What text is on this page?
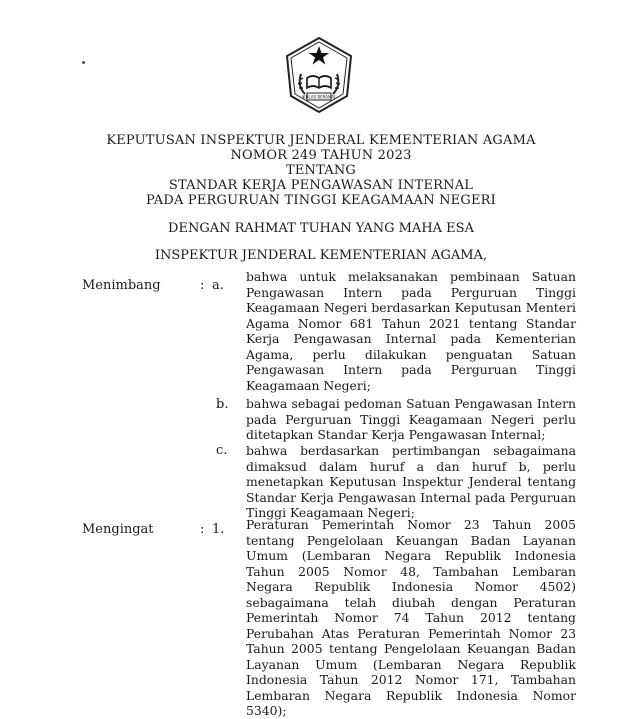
IKHLAS BERAMAL
KEPUTUSAN INSPEKTUR JENDERAL KEMENTERIAN AGAMA
NOMOR 249 TAHUN 2023
TENTANG
STANDAR KERJA PENGAWASAN INTERNAL
PADA PERGURUAN TINGGI KEAGAMAAN NEGERI
DENGAN RAHMAT TUHAN YANG MAHA ESA
INSPEKTUR JENDERAL KEMENTERIAN AGAMA,
Menimbang	: a.
bahwa untuk melaksanakan pembinaan Satuan Pengawasan Intern pada Perguruan Tinggi Keagamaan Negeri berdasarkan Keputusan Menteri Agama Nomor 681 Tahun 2021 tentang Standar Kerja Pengawasan Internal pada Kementerian Agama, perlu dilakukan penguatan Satuan Pengawasan Intern pada Perguruan Tinggi Keagamaan Negeri;
b. bahwa sebagai pedoman Satuan Pengawasan Intern pada Perguruan Tinggi Keagamaan Negeri perlu ditetapkan Standar Kerja Pengawasan Internal;
c. bahwa berdasarkan pertimbangan sebagaimana dimaksud dalam huruf a dan huruf b, perlu menetapkan Keputusan Inspektur Jenderal tentang Standar Kerja Pengawasan Internal pada Perguruan Tinggi Keagamaan Negeri;
Mengingat	: 1. Peraturan Pemerintah Nomor 23 Tahun 2005 tentang Pengelolaan Keuangan Badan Layanan Umum (Lembaran Negara Republik Indonesia Tahun 2005 Nomor 48, Tambahan Lembaran Negara Republik Indonesia Nomor 4502) sebagaimana telah diubah dengan Peraturan Pemerintah Nomor 74 Tahun 2012 tentang Perubahan Atas Peraturan Pemerintah Nomor 23 Tahun 2005 tentang Pengelolaan Keuangan Badan Layanan Umum (Lembaran Negara Republik Indonesia Tahun 2012 Nomor 171, Tambahan Lembaran Negara Republik Indonesia Nomor 5340);
